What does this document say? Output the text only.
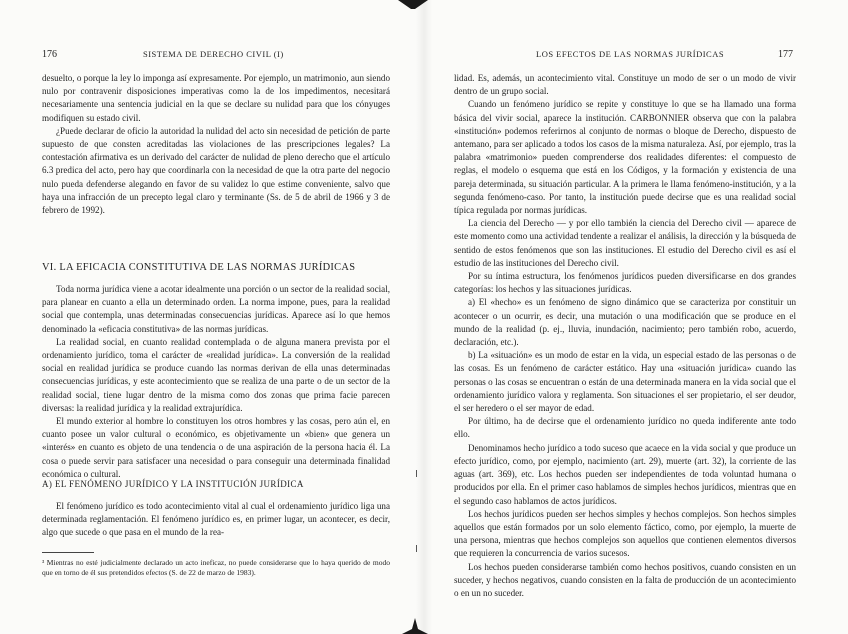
176	SISTEMA DE DERECHO CIVIL (I)

desuelto, o porque la ley lo imponga así expresamente. Por ejemplo, un matrimonio, aun siendo nulo por contravenir disposiciones imperativas como la de los impedimentos, necesitará necesariamente una sentencia judicial en la que se declare su nulidad para que los cónyuges modifiquen su estado civil.

¿Puede declarar de oficio la autoridad la nulidad del acto sin necesidad de petición de parte supuesto de que consten acreditadas las violaciones de las prescripciones legales? La contestación afirmativa es un derivado del carácter de nulidad de pleno derecho que el artículo 6.3 predica del acto, pero hay que coordinarla con la necesidad de que la otra parte del negocio nulo pueda defenderse alegando en favor de su validez lo que estime conveniente, salvo que haya una infracción de un precepto legal claro y terminante (Ss. de 5 de abril de 1966 y 3 de febrero de 1992).

VI. LA EFICACIA CONSTITUTIVA DE LAS NORMAS JURÍDICAS

Toda norma jurídica viene a acotar idealmente una porción o un sector de la realidad social, para planear en cuanto a ella un determinado orden. La norma impone, pues, para la realidad social que contempla, unas determinadas consecuencias jurídicas. Aparece así lo que hemos denominado la «eficacia constitutiva» de las normas jurídicas.

La realidad social, en cuanto realidad contemplada o de alguna manera prevista por el ordenamiento jurídico, toma el carácter de «realidad jurídica». La conversión de la realidad social en realidad jurídica se produce cuando las normas derivan de ella unas determinadas consecuencias jurídicas, y este acontecimiento que se realiza de una parte o de un sector de la realidad social, tiene lugar dentro de la misma como dos zonas que prima facie parecen diversas: la realidad jurídica y la realidad extrajurídica.

El mundo exterior al hombre lo constituyen los otros hombres y las cosas, pero aún el, en cuanto posee un valor cultural o económico, es objetivamente un «bien» que genera un «interés» en cuanto es objeto de una tendencia o de una aspiración de la persona hacia él. La cosa o puede servir para satisfacer una necesidad o para conseguir una determinada finalidad económica o cultural.

A) EL FENÓMENO JURÍDICO Y LA INSTITUCIÓN JURÍDICA

El fenómeno jurídico es todo acontecimiento vital al cual el ordenamiento jurídico liga una determinada reglamentación. El fenómeno jurídico es, en primer lugar, un acontecer, es decir, algo que sucede o que pasa en el mundo de la rea-

³ Mientras no esté judicialmente declarado un acto ineficaz, no puede considerarse que lo haya querido de modo que en torno de él sus pretendidos efectos (S. de 22 de marzo de 1983).

LOS EFECTOS DE LAS NORMAS JURÍDICAS	177

lidad. Es, además, un acontecimiento vital. Constituye un modo de ser o un modo de vivir dentro de un grupo social.

Cuando un fenómeno jurídico se repite y constituye lo que se ha llamado una forma básica del vivir social, aparece la institución. CARBONNIER observa que con la palabra «institución» podemos referirnos al conjunto de normas o bloque de Derecho, dispuesto de antemano, para ser aplicado a todos los casos de la misma naturaleza. Así, por ejemplo, tras la palabra «matrimonio» pueden comprenderse dos realidades diferentes: el compuesto de reglas, el modelo o esquema que está en los Códigos, y la formación y existencia de una pareja determinada, su situación particular. A la primera le llama fenómeno-institución, y a la segunda fenómeno-caso. Por tanto, la institución puede decirse que es una realidad social típica regulada por normas jurídicas.

La ciencia del Derecho — y por ello también la ciencia del Derecho civil — aparece de este momento como una actividad tendente a realizar el análisis, la dirección y la búsqueda de sentido de estos fenómenos que son las instituciones. El estudio del Derecho civil es así el estudio de las instituciones del Derecho civil.

Por su íntima estructura, los fenómenos jurídicos pueden diversificarse en dos grandes categorías: los hechos y las situaciones jurídicas.

a) El «hecho» es un fenómeno de signo dinámico que se caracteriza por constituir un acontecer o un ocurrir, es decir, una mutación o una modificación que se produce en el mundo de la realidad (p. ej., lluvia, inundación, nacimiento; pero también robo, acuerdo, declaración, etc.).

b) La «situación» es un modo de estar en la vida, un especial estado de las personas o de las cosas. Es un fenómeno de carácter estático. Hay una «situación jurídica» cuando las personas o las cosas se encuentran o están de una determinada manera en la vida social que el ordenamiento jurídico valora y reglamenta. Son situaciones el ser propietario, el ser deudor, el ser heredero o el ser mayor de edad.

Por último, ha de decirse que el ordenamiento jurídico no queda indiferente ante todo ello.

Denominamos hecho jurídico a todo suceso que acaece en la vida social y que produce un efecto jurídico, como, por ejemplo, nacimiento (art. 29), muerte (art. 32), la corriente de las aguas (art. 369), etc. Los hechos pueden ser independientes de toda voluntad humana o producidos por ella. En el primer caso hablamos de simples hechos jurídicos, mientras que en el segundo caso hablamos de actos jurídicos.

Los hechos jurídicos pueden ser hechos simples y hechos complejos. Son hechos simples aquellos que están formados por un solo elemento fáctico, como, por ejemplo, la muerte de una persona, mientras que hechos complejos son aquellos que contienen elementos diversos que requieren la concurrencia de varios sucesos.

Los hechos pueden considerarse también como hechos positivos, cuando consisten en un suceder, y hechos negativos, cuando consisten en la falta de producción de un acontecimiento o en un no suceder.
